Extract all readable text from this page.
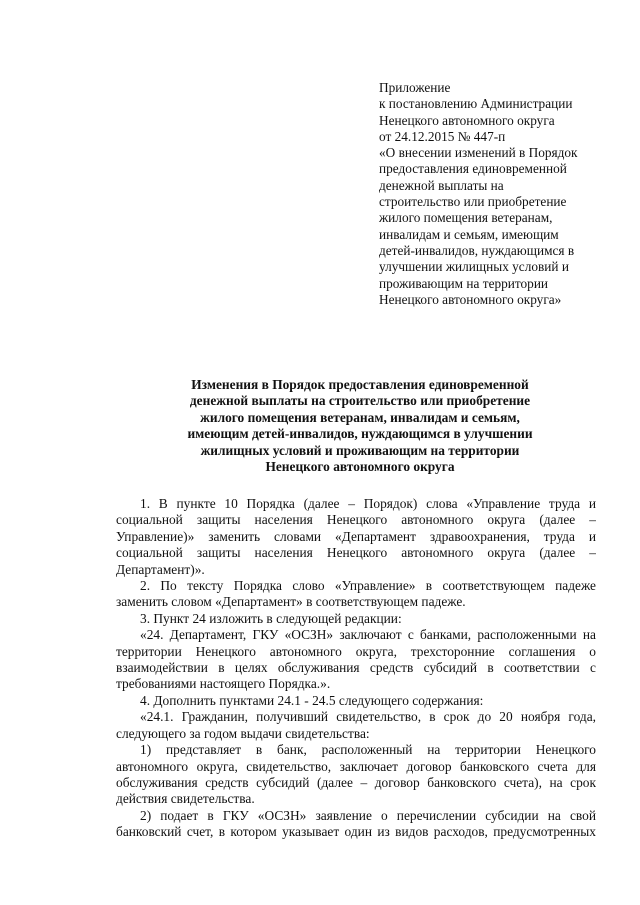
Приложение
к постановлению Администрации
Ненецкого автономного округа
от 24.12.2015 № 447-п
«О внесении изменений в Порядок
предоставления единовременной
денежной выплаты на
строительство или приобретение
жилого помещения ветеранам,
инвалидам и семьям, имеющим
детей-инвалидов, нуждающимся в
улучшении жилищных условий и
проживающим на территории
Ненецкого автономного округа»
Изменения в Порядок предоставления единовременной
денежной выплаты на строительство или приобретение
жилого помещения ветеранам, инвалидам и семьям,
имеющим детей-инвалидов, нуждающимся в улучшении
жилищных условий и проживающим на территории
Ненецкого автономного округа
1. В пункте 10 Порядка (далее – Порядок) слова «Управление труда и
социальной защиты населения Ненецкого автономного округа (далее –
Управление)» заменить словами «Департамент здравоохранения, труда и
социальной защиты населения Ненецкого автономного округа (далее –
Департамент)».
2. По тексту Порядка слово «Управление» в соответствующем падеже
заменить словом «Департамент» в соответствующем падеже.
3. Пункт 24 изложить в следующей редакции:
«24. Департамент, ГКУ «ОСЗН» заключают с банками, расположенными на
территории Ненецкого автономного округа, трехсторонние соглашения о
взаимодействии в целях обслуживания средств субсидий в соответствии с
требованиями настоящего Порядка.».
4. Дополнить пунктами 24.1 - 24.5 следующего содержания:
«24.1. Гражданин, получивший свидетельство, в срок до 20 ноября года,
следующего за годом выдачи свидетельства:
1) представляет в банк, расположенный на территории Ненецкого
автономного округа, свидетельство, заключает договор банковского счета для
обслуживания средств субсидий (далее – договор банковского счета), на срок
действия свидетельства.
2) подает в ГКУ «ОСЗН» заявление о перечислении субсидии на свой
банковский счет, в котором указывает один из видов расходов, предусмотренных
